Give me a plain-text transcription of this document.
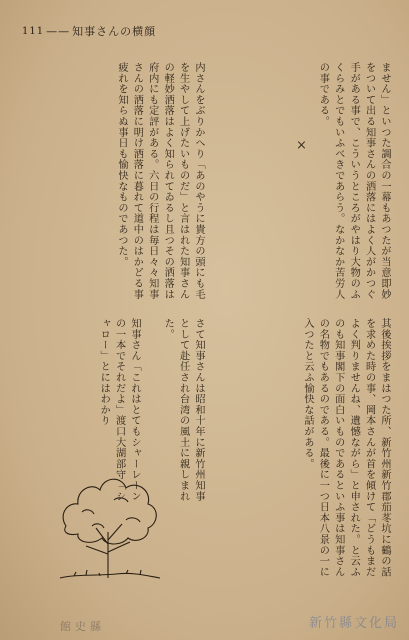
111 —— 知事さんの横顔
ません」といつた調合の一幕もあつたが当意即妙をついて出る知事さんの洒落にはよく人がかつぐ手がある事で、こういうところがやはり大物のふくらみとでもいふべきであらう。なかなか苦労人の事である。
内さんをぶりかへり「あのやうに貴方の頭にも毛を生やして上げたいものだ」と言はれた知事さんの軽妙洒落はよく知られてゐるし且つその洒落は府内にも定評がある。六日の行程は毎日々々知事さんの洒落に明け洒落に暮れて道中のはかどる事疲れを知らぬ事日も愉快なものであつた。
其後挨拶をまはつた所、新竹州新竹郡茄苳坑に鶴の話を求めた時の事、岡本さんが首を傾けて「どうもまだよく判りませんね、遺憾ながら」と申された。と云ふのも知事閣下の面白いものであるといふ事は知事さんの名物でもあるのである。最後に一つ日本八景の一に入つたと云ふ愉快な話がある。
さて知事さんは昭和十年に新竹州知事として赴任され台湾の風土に親しまれた。
知事さん「これはとてもシャーレーンの一本でそれだよ」渡口大湖部守「シャロー」とにはわかり
×
館史縣	新竹縣文化局
